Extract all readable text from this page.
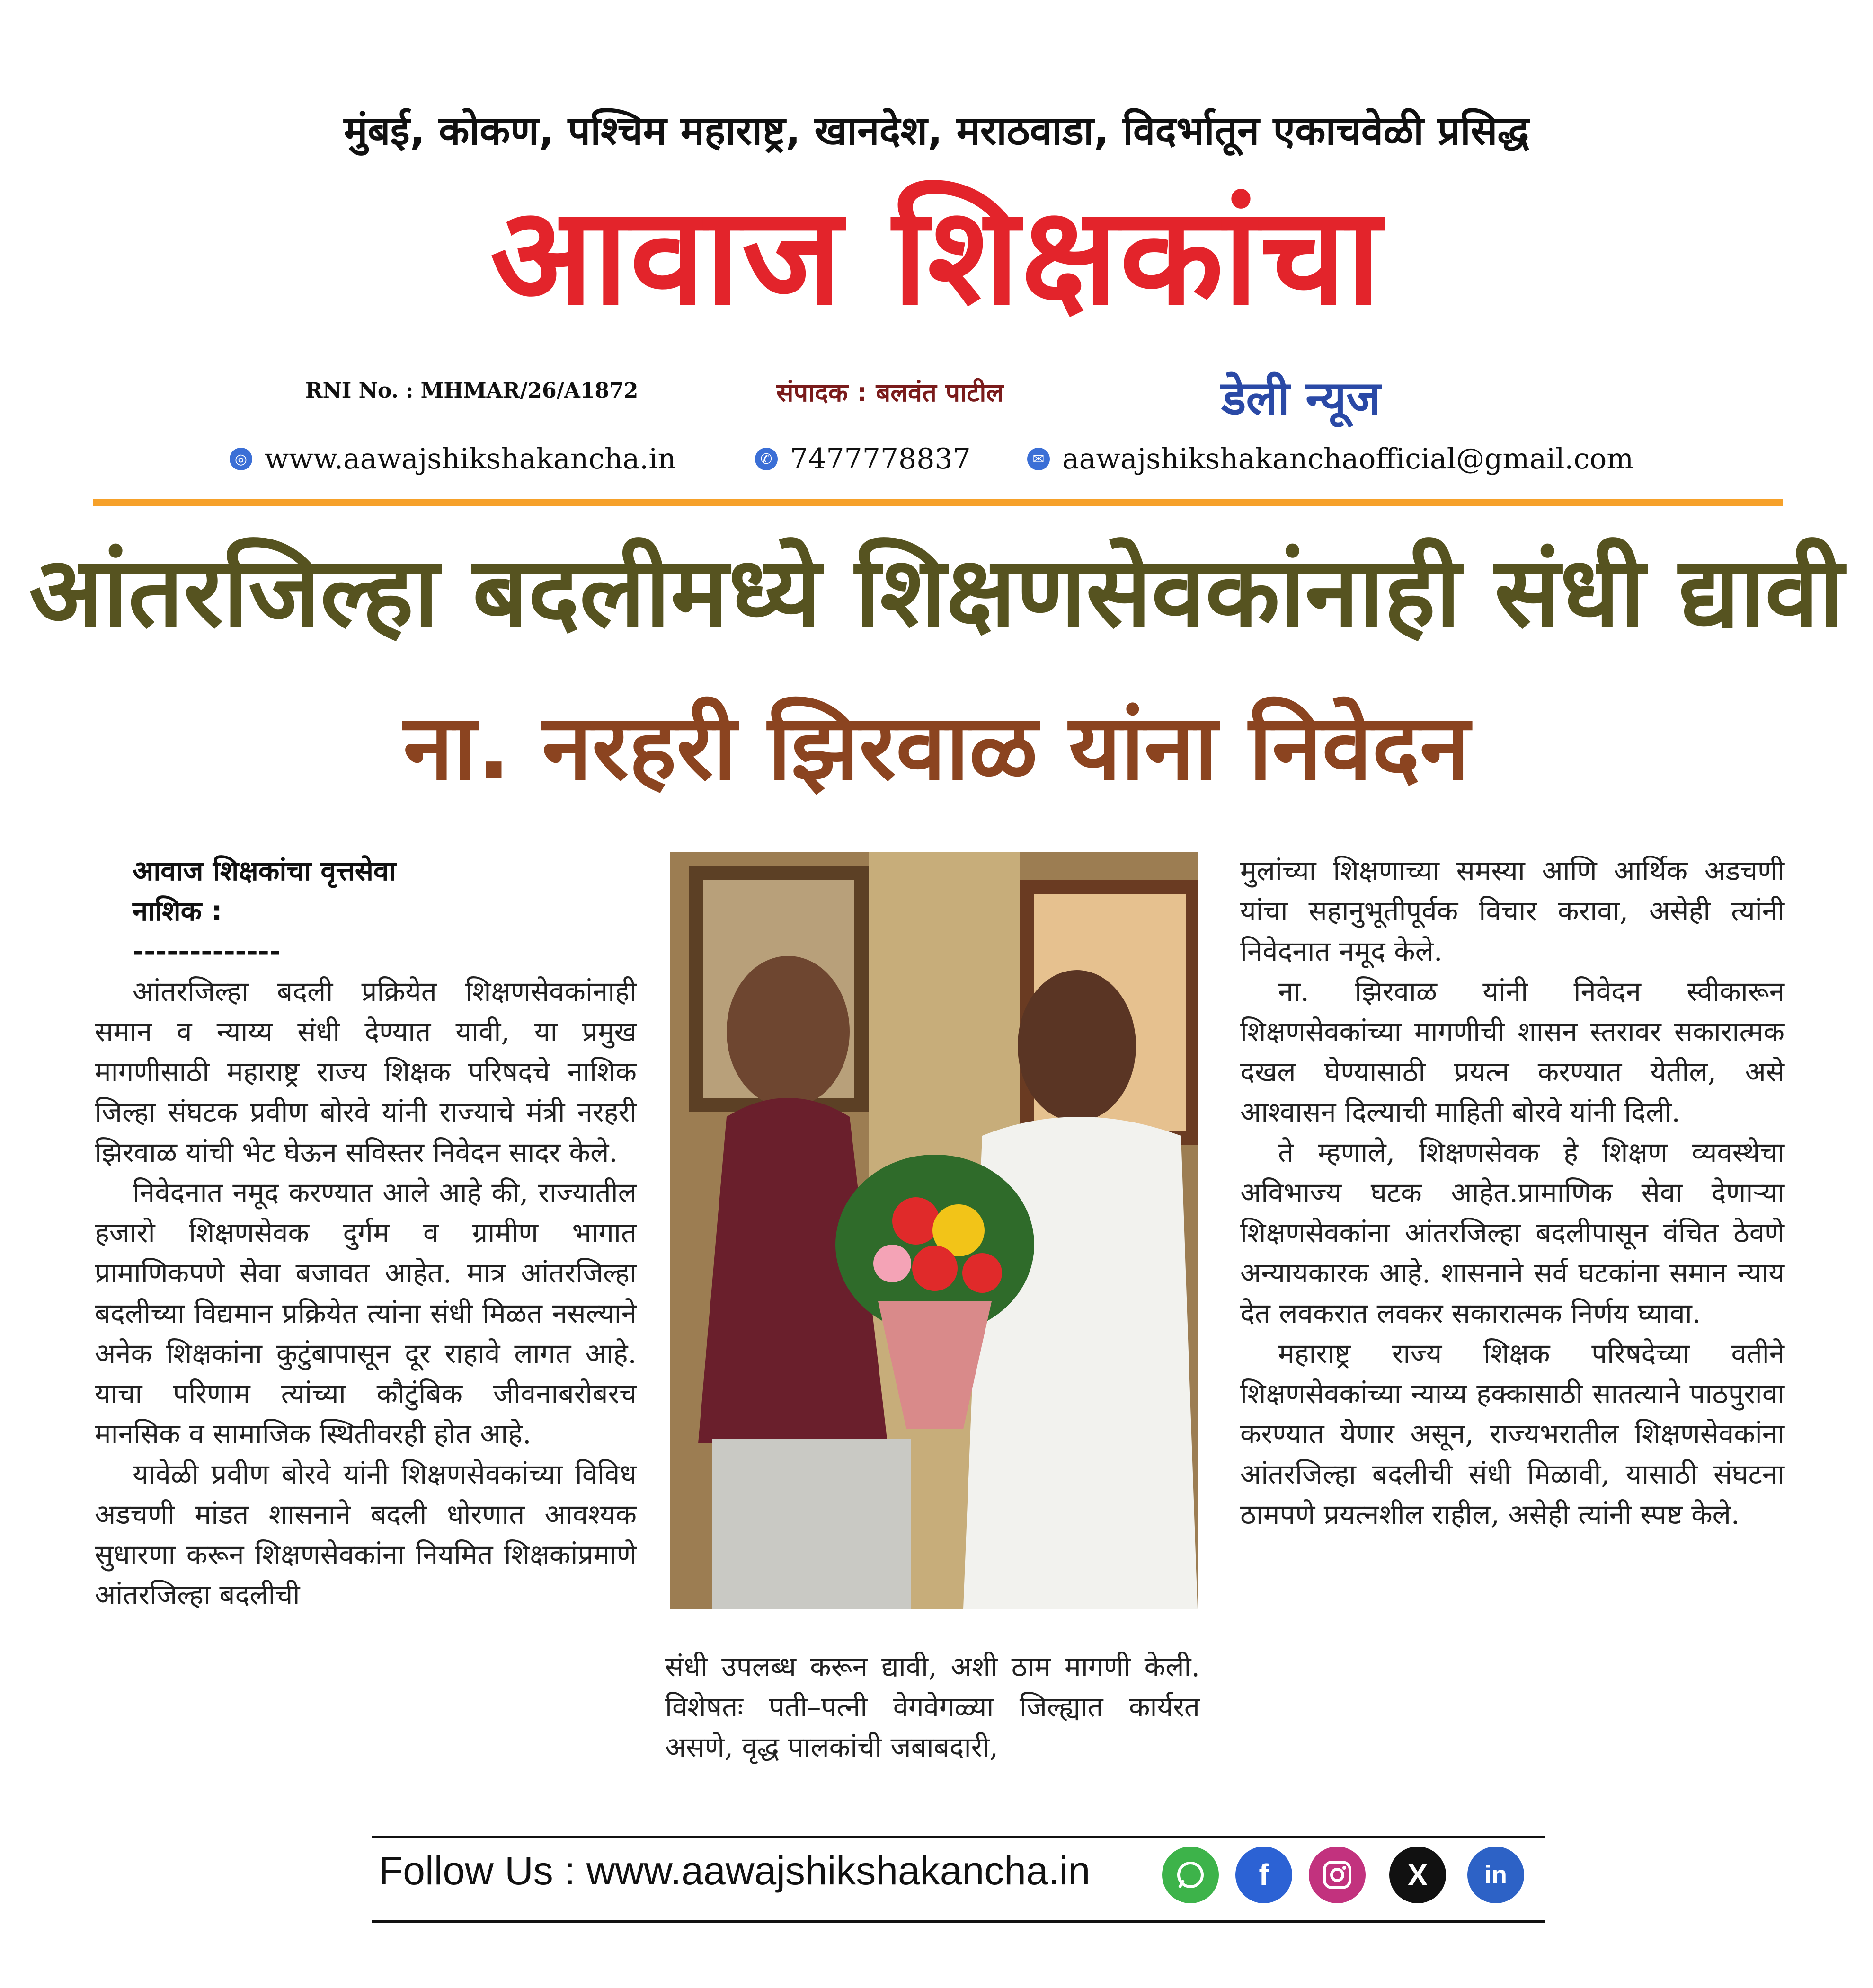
मुंबई, कोकण, पश्चिम महाराष्ट्र, खानदेश, मराठवाडा, विदर्भातून एकाचवेळी प्रसिद्ध
आवाज शिक्षकांचा
RNI No. : MHMAR/26/A1872	संपादक : बलवंत पाटील	डेली न्यूज
◎ www.aawajshikshakancha.in	✆ 7477778837	✉ aawajshikshakanchaofficial@gmail.com
आंतरजिल्हा बदलीमध्ये शिक्षणसेवकांनाही संधी द्यावी
ना. नरहरी झिरवाळ यांना निवेदन
आवाज शिक्षकांचा वृत्तसेवा
नाशिक :
-------------

आंतरजिल्हा बदली प्रक्रियेत शिक्षणसेवकांनाही समान व न्याय्य संधी देण्यात यावी, या प्रमुख मागणीसाठी महाराष्ट्र राज्य शिक्षक परिषदचे नाशिक जिल्हा संघटक प्रवीण बोरवे यांनी राज्याचे मंत्री नरहरी झिरवाळ यांची भेट घेऊन सविस्तर निवेदन सादर केले.

निवेदनात नमूद करण्यात आले आहे की, राज्यातील हजारो शिक्षणसेवक दुर्गम व ग्रामीण भागात प्रामाणिकपणे सेवा बजावत आहेत. मात्र आंतरजिल्हा बदलीच्या विद्यमान प्रक्रियेत त्यांना संधी मिळत नसल्याने अनेक शिक्षकांना कुटुंबापासून दूर राहावे लागत आहे. याचा परिणाम त्यांच्या कौटुंबिक जीवनाबरोबरच मानसिक व सामाजिक स्थितीवरही होत आहे.

यावेळी प्रवीण बोरवे यांनी शिक्षणसेवकांच्या विविध अडचणी मांडत शासनाने बदली धोरणात आवश्यक सुधारणा करून शिक्षणसेवकांना नियमित शिक्षकांप्रमाणे आंतरजिल्हा बदलीची

संधी उपलब्ध करून द्यावी, अशी ठाम मागणी केली. विशेषतः पती–पत्नी वेगवेगळ्या जिल्ह्यात कार्यरत असणे, वृद्ध पालकांची जबाबदारी,

मुलांच्या शिक्षणाच्या समस्या आणि आर्थिक अडचणी यांचा सहानुभूतीपूर्वक विचार करावा, असेही त्यांनी निवेदनात नमूद केले.

ना. झिरवाळ यांनी निवेदन स्वीकारून शिक्षणसेवकांच्या मागणीची शासन स्तरावर सकारात्मक दखल घेण्यासाठी प्रयत्न करण्यात येतील, असे आश्वासन दिल्याची माहिती बोरवे यांनी दिली.

ते म्हणाले, शिक्षणसेवक हे शिक्षण व्यवस्थेचा अविभाज्य घटक आहेत.प्रामाणिक सेवा देणाऱ्या शिक्षणसेवकांना आंतरजिल्हा बदलीपासून वंचित ठेवणे अन्यायकारक आहे. शासनाने सर्व घटकांना समान न्याय देत लवकरात लवकर सकारात्मक निर्णय घ्यावा.

महाराष्ट्र राज्य शिक्षक परिषदेच्या वतीने शिक्षणसेवकांच्या न्याय्य हक्कासाठी सातत्याने पाठपुरावा करण्यात येणार असून, राज्यभरातील शिक्षणसेवकांना आंतरजिल्हा बदलीची संधी मिळावी, यासाठी संघटना ठामपणे प्रयत्नशील राहील, असेही त्यांनी स्पष्ट केले.

Follow Us : www.aawajshikshakancha.in	f	X	in
